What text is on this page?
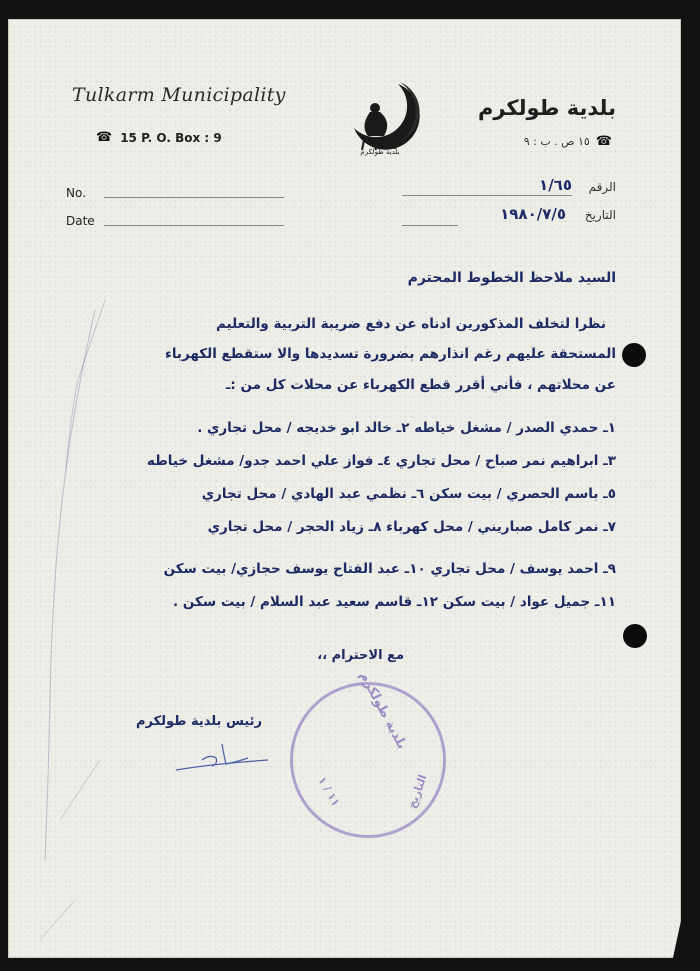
Tulkarm Municipality
☎ 15 P. O. Box : 9
بلدية طولكرم
بلدية طولكرم
☎
١٥ ص . ب : ٩
No.
Date
الرقم
١/٦٥
التاريخ
١٩٨٠/٧/٥
السيد ملاحظ الخطوط المحترم
نظرا لتخلف المذكورين ادناه عن دفع ضريبة التربية والتعليم
المستحقة عليهم رغم انذارهم بضرورة تسديدها والا ستقطع الكهرباء
عن محلاتهم ، فأني أقرر قطع الكهرباء عن محلات كل من :ـ
١ـ حمدي الصدر / مشغل خياطه ٢ـ خالد ابو خديجه / محل تجاري .
٣ـ ابراهيم نمر صباح / محل تجاري ٤ـ فواز علي احمد جدو/ مشغل خياطه
٥ـ باسم الحصري / بيت سكن ٦ـ نظمي عبد الهادي / محل تجاري
٧ـ نمر كامل صباريني / محل كهرباء ٨ـ زياد الحجر / محل تجاري
٩ـ احمد يوسف / محل تجاري ١٠ـ عبد الفتاح يوسف حجازي/ بيت سكن
١١ـ جميل عواد / بيت سكن ١٢ـ قاسم سعيد عبد السلام / بيت سكن .
مع الاحترام ،،
رئيس بلدية طولكرم	بلدية طولكرم
التاريخ
١١ / ١
